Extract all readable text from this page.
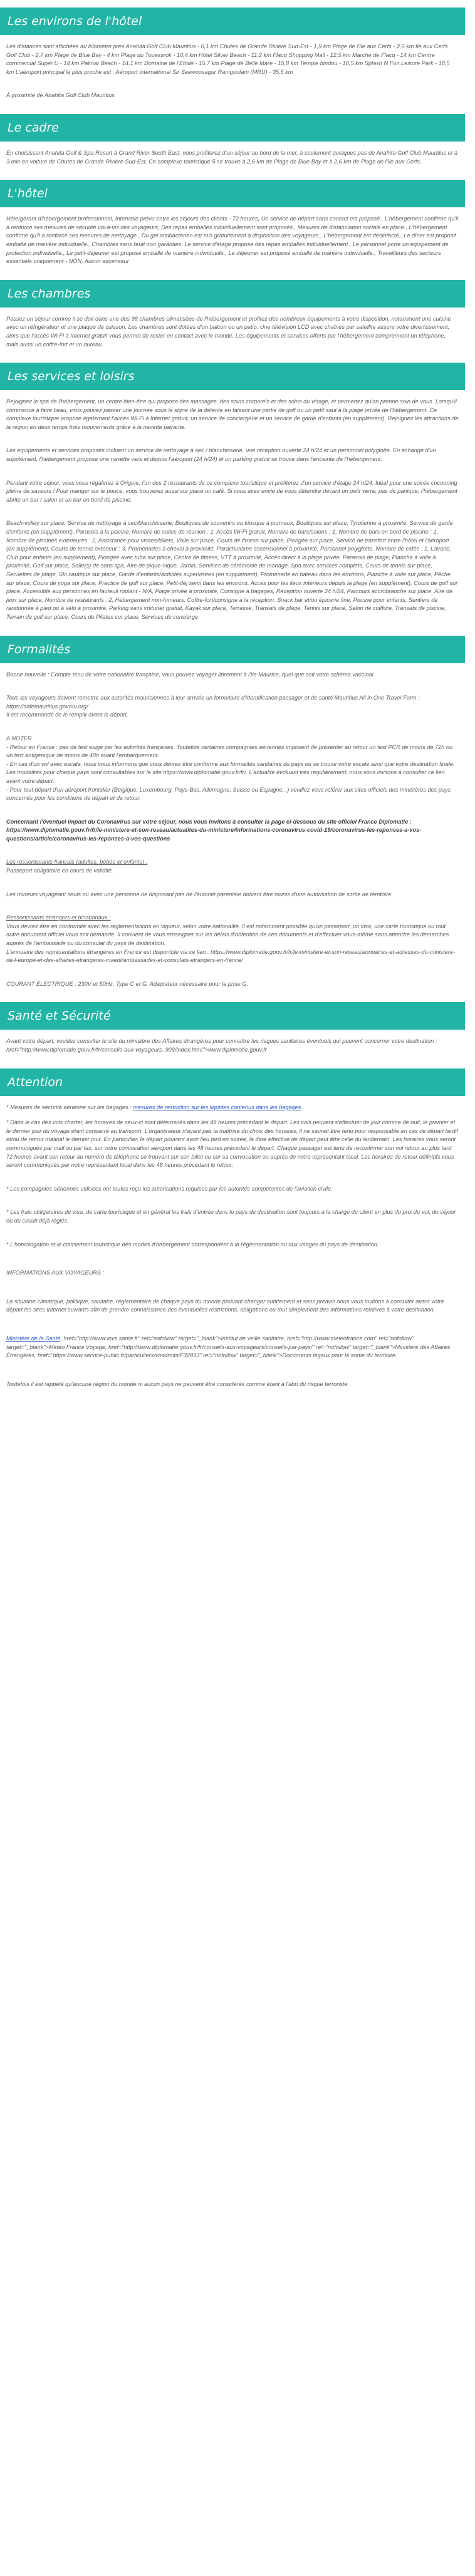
Les environs de l'hôtel

Les distances sont affichées au kilomètre près Anahita Golf Club Mauritius - 0,1 km Chutes de Grande Rivière Sud-Est - 1,9 km Plage de l'île aux Cerfs - 2,6 km Ile aux Cerfs Golf Club - 2,7 km Plage de Blue Bay - 4 km Plage du Touessrok - 10,4 km Hôtel Silver Beach - 11,2 km Flacq Shopping Mall - 12,5 km Marché de Flacq - 14 km Centre commercial Super U - 14 km Palmar Beach - 14,1 km Domaine de l'Etoile - 15,7 km Plage de Belle Mare - 15,8 km Temple hindou - 18,5 km Splash N Fun Leisure Park - 18,5 km L'aéroport principal le plus proche est : Aéroport international Sir Seewoosagur Ramgoolam (MRU) - 35,5 km

À proximité de Anahita Golf Club Mauritius

Le cadre

En choisissant Anahita Golf & Spa Resort à Grand River South East, vous profiterez d'un séjour au bord de la mer, à seulement quelques pas de Anahita Golf Club Mauritius et à 3 min en voiture de Chutes de Grande Rivière Sud-Est. Ce complexe touristique 5 se trouve à 2,6 km de Plage de Blue Bay et à 2,6 km de Plage de l'île aux Cerfs.

L'hôtel

Hôte/gérant d'hébergement professionnel, Intervalle prévu entre les séjours des clients - 72 heures, Un service de départ sans contact est proposé., L'hébergement confirme qu'il a renforcé ses mesures de sécurité vis-à-vis des voyageurs, Des repas emballés individuellement sont proposés., Mesures de distanciation sociale en place., L'hébergement confirme qu'il a renforcé ses mesures de nettoyage., Du gel antibactérien est mis gratuitement à disposition des voyageurs., L'hébergement est désinfecté., Le dîner est proposé emballé de manière individuelle., Chambres sans bruit non garanties, Le service d'étage propose des repas emballés individuellement., Le personnel porte un équipement de protection individuelle., Le petit-déjeuner est proposé emballé de manière individuelle., Le déjeuner est proposé emballé de manière individuelle., Travailleurs des secteurs essentiels uniquement - NON, Aucun ascenseur

Les chambres

Passez un séjour comme il se doit dans une des 98 chambres climatisées de l'hébergement et profitez des nombreux équipements à votre disposition, notamment une cuisine avec un réfrigérateur et une plaque de cuisson. Les chambres sont dotées d'un balcon ou un patio. Une télévision LCD avec chaînes par satellite assure votre divertissement, alors que l'accès Wi-Fi à Internet gratuit vous permet de rester en contact avec le monde. Les équipements et services offerts par l'hébergement comprennent un téléphone, mais aussi un coffre-fort et un bureau.

Les services et loisirs

Rejoignez le spa de l'hébergement, un centre bien-être qui propose des massages, des soins corporels et des soins du visage, et permettez qu'on prenne soin de vous. Lorsqu'il commence à faire beau, vous pouvez passer une journée sous le signe de la détente en faisant une partie de golf ou un petit saut à la plage privée de l'hébergement. Ce complexe touristique propose également l'accès Wi-Fi à Internet gratuit, un service de conciergerie et un service de garde d'enfants (en supplément). Rejoignez les attractions de la région en deux temps trois mouvements grâce à la navette payante.

Les équipements et services proposés incluent un service de nettoyage à sec / blanchisserie, une réception ouverte 24 h/24 et un personnel polyglotte. En échange d'un supplément, l'hébergement propose une navette vers et depuis l'aéroport (24 h/24) et un parking gratuit se trouve dans l'enceinte de l'hébergement.

Pendant votre séjour, vous vous régalerez à Origine, l'un des 2 restaurants de ce complexe touristique et profiterez d'un service d'étage 24 h/24. Idéal pour une soirée cocooning pleine de saveurs ! Pour manger sur le pouce, vous trouverez aussi sur place un café. Si vous avez envie de vous détendre devant un petit verre, pas de panique, l'hébergement abrite un bar / salon et un bar en bord de piscine.

Beach-volley sur place, Service de nettoyage à sec/blanchisserie, Boutiques de souvenirs ou kiosque à journaux, Boutiques sur place, Tyrolienne à proximité, Service de garde d'enfants (en supplément), Parasols à la piscine, Nombre de salles de réunion : 1, Accès Wi-Fi gratuit, Nombre de bars/salons : 1, Nombre de bars en bord de piscine : 1, Nombre de piscines extérieures : 2, Assistance pour visites/billets, Voile sur place, Cours de fitness sur place, Plongée sur place, Service de transfert entre l'hôtel et l'aéroport (en supplément), Courts de tennis extérieur : 3, Promenades à cheval à proximité, Parachutisme ascensionnel à proximité, Personnel polyglotte, Nombre de cafés : 1, Lavarie, Club pour enfants (en supplément), Plongée avec tuba sur place, Centre de fitness, VTT à proximité, Accès direct à la plage privée, Parasols de plage, Planche à voile à proximité, Golf sur place, Salle(s) de sons spa, Aire de pique-nique, Jardin, Services de cérémonie de mariage, Spa avec services complets, Cours de tennis sur place, Serviettes de plage, Ski nautique sur place, Garde d'enfants/activités supervisées (en supplément), Promenade en bateau dans les environs, Planche à voile sur place, Pêche sur place, Cours de yoga sur place, Practice de golf sur place, Petit-déj servi dans les environs, Accès pour les lieux intérieurs depuis la plage (en supplément), Cours de golf sur place, Accessible aux personnes en fauteuil roulant - N/A, Plage privée à proximité, Consigne à bagages, Réception ouverte 24 h/24, Parcours accrobranche sur place, Aire de jeux sur place, Nombre de restaurants : 2, Hébergement non-fumeurs, Coffre-fort/consigne à la réception, Snack bar et/ou épicerie fine, Piscine pour enfants, Sentiers de randonnée à pied ou à vélo à proximité, Parking sans voiturier gratuit, Kayak sur place, Terrasse, Transats de plage, Tennis sur place, Salon de coiffure, Transats de piscine, Terrain de golf sur place, Cours de Pilates sur place, Services de concierge

Formalités

Bonne nouvelle : Compte tenu de votre nationalité française, vous pouvez voyager librement à l'Ile Maurice, quel que soit votre schéma vaccinal.

Tous les voyageurs doivent remettre aux autorités mauriciennes à leur arrivée un formulaire d'identification passager et de santé Mauritius All in One Travel Form : https://safemauritius.govmu.org/
Il est recommandé de le remplir avant le départ.

A NOTER
- Retour en France : pas de test exigé par les autorités françaises. Toutefois certaines compagnies aériennes imposent de présenter au retour un test PCR de moins de 72h ou un test antigénique de moins de 48h avant l'embarquement.
- En cas d'un vol avec escale, nous vous informons que vous devrez être conforme aux formalités sanitaires du pays où se trouve votre escale ainsi que votre destination finale.
Les modalités pour chaque pays sont consultables sur le site https://www.diplomatie.gouv.fr/fr/. L'actualité évoluant très régulièrement, nous vous invitons à consulter ce lien avant votre départ.
- Pour tout départ d'un aéroport frontalier (Belgique, Luxembourg, Pays-Bas, Allemagne, Suisse ou Espagne...) veuillez vous référer aux sites officiels des ministères des pays concernés pour les conditions de départ et de retour.

Concernant l'éventuel impact du Coronavirus sur votre séjour, nous vous invitons à consulter la page ci-dessous du site officiel France Diplomatie : https://www.diplomatie.gouv.fr/fr/le-ministere-et-son-reseau/actualites-du-ministere/informations-coronavirus-covid-19/coronavirus-les-reponses-a-vos-questions/article/coronavirus-les-reponses-a-vos-questions

Les ressortissants français (adultes, bébés et enfants) :
Passeport obligatoire en cours de validité.

Les mineurs voyageant seuls ou avec une personne ne disposant pas de l'autorité parentale doivent être munis d'une autorisation de sortie de territoire.

Ressortissants étrangers et binationaux :
Vous devrez être en conformité avec les réglementations en vigueur, selon votre nationalité. Il est notamment possible qu'un passeport, un visa, une carte touristique ou tout autre document officiel vous soit demandé. Il convient de vous renseigner sur les délais d'obtention de ces documents et d'effectuer vous-même sans attendre les démarches auprès de l'ambassade ou du consulat du pays de destination.
L'annuaire des représentations étrangères en France est disponible via ce lien : https://www.diplomatie.gouv.fr/fr/le-ministere-et-son-reseau/annuaires-et-adresses-du-ministere-de-l-europe-et-des-affaires-etrangeres-maedi/ambassades-et-consulats-etrangers-en-france/

COURANT ÉLECTRIQUE : 230V et 50Hz. Type C et G. Adaptateur nécessaire pour la prise G.

Santé et Sécurité

Avant votre départ, veuillez consulter le site du ministère des Affaires étrangères pour connaître les risques sanitaires éventuels qui peuvent concerner votre destination : href="http://www.diplomatie.gouv.fr/fr/conseils-aux-voyageurs_909/index.html">www.diplomatie.gouv.fr

Attention

* Mesures de sécurité aérienne sur les bagages : mesures de restriction sur les liquides contenus dans les bagages.

* Dans le cas des vols charter, les horaires de ceux-ci sont déterminés dans les 48 heures précédant le départ. Les vols peuvent s'effectuer de jour comme de nuit, le premier et le dernier jour du voyage étant consacré au transport. L'organisateur n'ayant pas la maîtrise du choix des horaires, il ne saurait être tenu pour responsable en cas de départ tardif et/ou de retour matinal le dernier jour. En particulier, le départ pouvant avoir lieu tard en soirée, la date effective de départ peut être celle du lendemain. Les horaires vous seront communiqués par mail ou par fax, sur votre convocation aéroport dans les 48 heures précédant le départ. Chaque passager est tenu de reconfirmer son vol retour au plus tard 72 heures avant son retour au numéro de téléphone se trouvant sur son billet ou sur sa convocation ou auprès de notre représentant local. Les horaires de retour définitifs vous seront communiqués par notre représentant local dans les 48 heures précédant le retour.

* Les compagnies aériennes utilisées ont toutes reçu les autorisations requises par les autorités compétentes de l'aviation civile.

* Les frais obligatoires de visa, de carte touristique et en général les frais d'entrée dans le pays de destination sont toujours à la charge du client en plus du prix du vol, du séjour ou du circuit déjà réglés.

* L'homologation et le classement touristique des modes d'hébergement correspondent à la réglementation ou aux usages du pays de destination.

INFORMATIONS AUX VOYAGEURS :

La situation climatique, politique, sanitaire, réglementaire de chaque pays du monde pouvant changer subitement et sans préavis nous vous invitons à consulter avant votre départ les sites Internet suivants afin de prendre connaissance des éventuelles restrictions, obligations ou tout simplement des informations relatives à votre destination.

Ministère de la Santé, href="http://www.invs.sante.fr" rel="nofollow" target="_blank">Institut de veille sanitaire, href="http://www.meteofrance.com" rel="nofollow" target="_blank">Météo France Voyage, href="http://www.diplomatie.gouv.fr/fr/conseils-aux-voyageurs/conseils-par-pays/" rel="nofollow" target="_blank">Ministère des Affaires Étrangères, href="https://www.service-public.fr/particuliers/vosdroits/F32833" rel="nofollow" target="_blank">Documents légaux pour la sortie du territoire.

Toutefois il est rappelé qu'aucune région du monde ni aucun pays ne peuvent être considérés comme étant à l'abri du risque terroriste.
